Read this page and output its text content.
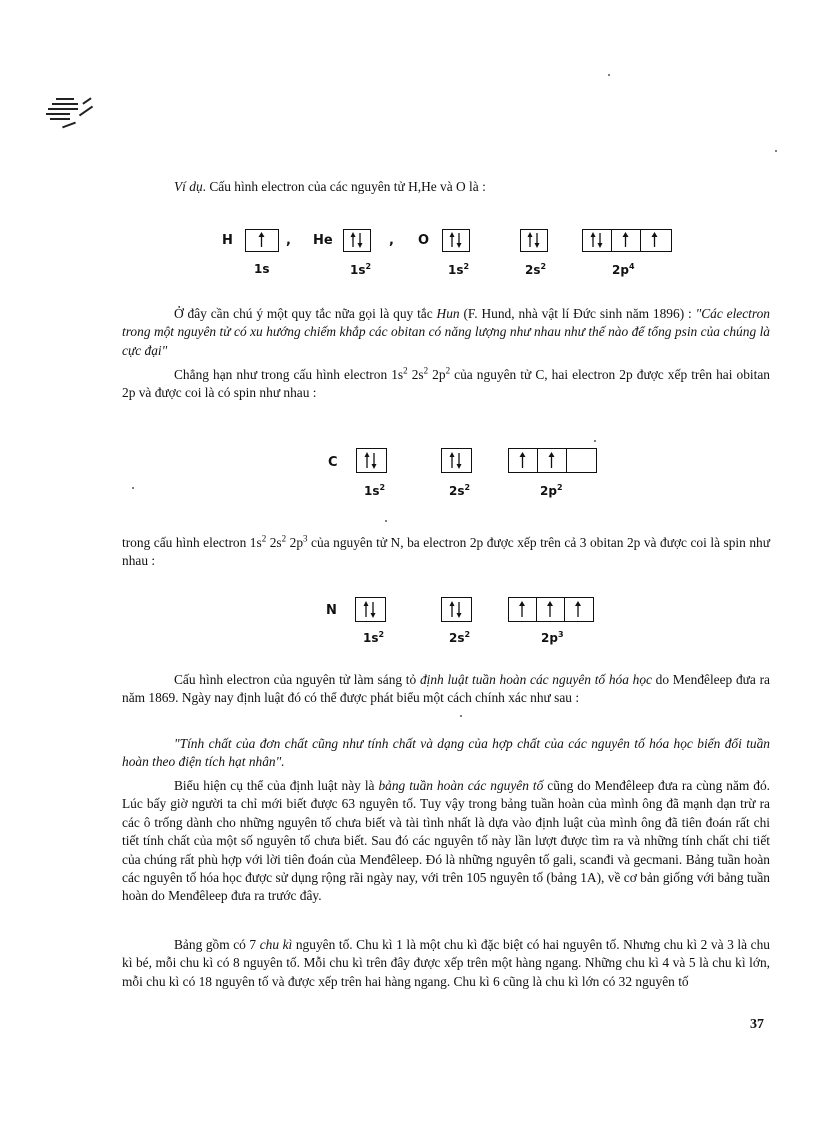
Ví dụ. Cấu hình electron của các nguyên tử H,He và O là :

H	, He	, O
1s	$1s^2$	$1s^2$	$2s^2$	$2p^4$

Ở đây cần chú ý một quy tắc nữa gọi là quy tắc Hun (F. Hund, nhà vật lí Đức sinh năm 1896) : "Các electron trong một nguyên tử có xu hướng chiếm khắp các obitan có năng lượng như nhau như thế nào để tổng psin của chúng là cực đại"

Chẳng hạn như trong cấu hình electron $1s^2$ $2s^2$ $2p^2$ của nguyên tử C, hai electron 2p được xếp trên hai obitan 2p và được coi là có spin như nhau :

C
$1s^2$	$2s^2$	$2p^2$

trong cấu hình electron $1s^2$ $2s^2$ $2p^3$ của nguyên tử N, ba electron 2p được xếp trên cả 3 obitan 2p và được coi là spin như nhau :

N
$1s^2$	$2s^2$	$2p^3$

Cấu hình electron của nguyên tử làm sáng tỏ định luật tuần hoàn các nguyên tố hóa học do Menđêleep đưa ra năm 1869. Ngày nay định luật đó có thể được phát biểu một cách chính xác như sau :

"Tính chất của đơn chất cũng như tính chất và dạng của hợp chất của các nguyên tố hóa học biến đổi tuần hoàn theo điện tích hạt nhân".

Biểu hiện cụ thể của định luật này là bảng tuần hoàn các nguyên tố cũng do Menđêleep đưa ra cùng năm đó. Lúc bấy giờ người ta chỉ mới biết được 63 nguyên tố. Tuy vậy trong bảng tuần hoàn của mình ông đã mạnh dạn trừ ra các ô trống dành cho những nguyên tố chưa biết và tài tình nhất là dựa vào định luật của mình ông đã tiên đoán rất chi tiết tính chất của một số nguyên tố chưa biết. Sau đó các nguyên tố này lần lượt được tìm ra và những tính chất chi tiết của chúng rất phù hợp với lời tiên đoán của Menđêleep. Đó là những nguyên tố gali, scanđi và gecmani. Bảng tuần hoàn các nguyên tố hóa học được sử dụng rộng rãi ngày nay, với trên 105 nguyên tố (bảng 1A), về cơ bản giống với bảng tuần hoàn do Menđêleep đưa ra trước đây.

Bảng gồm có 7 chu kì nguyên tố. Chu kì 1 là một chu kì đặc biệt có hai nguyên tố. Nhưng chu kì 2 và 3 là chu kì bé, mỗi chu kì có 8 nguyên tố. Mỗi chu kì trên đây được xếp trên một hàng ngang. Những chu kì 4 và 5 là chu kì lớn, mỗi chu kì có 18 nguyên tố và được xếp trên hai hàng ngang. Chu kì 6 cũng là chu kì lớn có 32 nguyên tố

37
